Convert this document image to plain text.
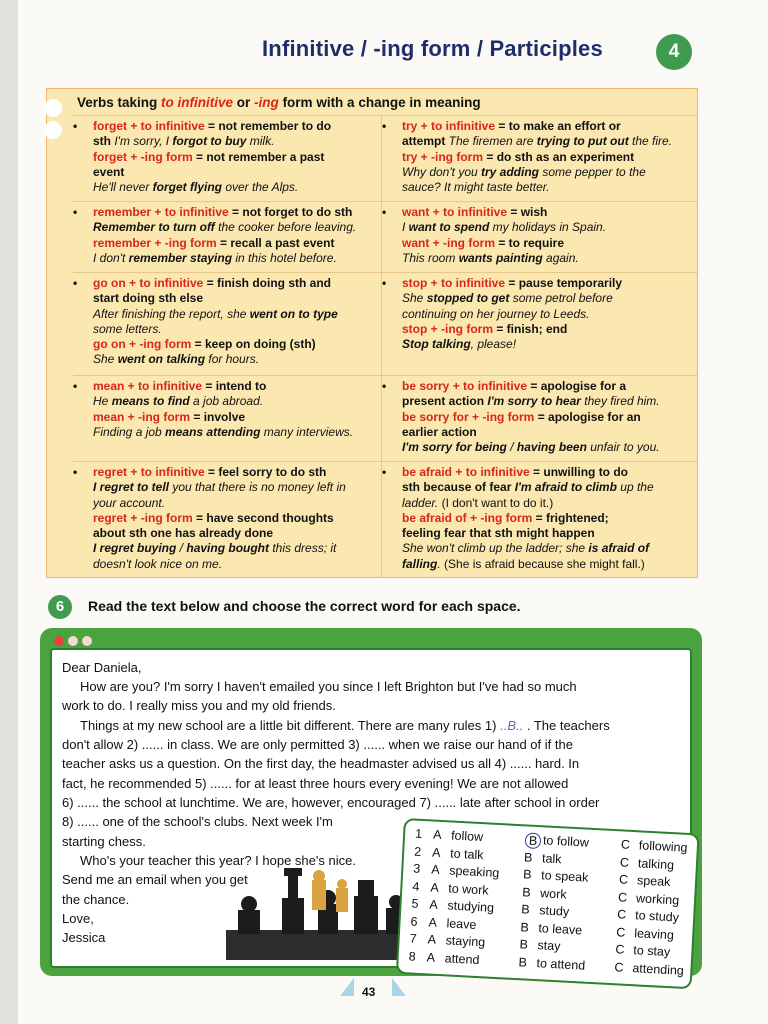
Infinitive / -ing form / Participles	4
Verbs taking to infinitive or -ing form with a change in meaning
• forget + to infinitive = not remember to do
sth I'm sorry, I forgot to buy milk.
forget + -ing form = not remember a past
event
He'll never forget flying over the Alps.
• try + to infinitive = to make an effort or
attempt The firemen are trying to put out the fire.
try + -ing form = do sth as an experiment
Why don't you try adding some pepper to the
sauce? It might taste better.
• remember + to infinitive = not forget to do sth
Remember to turn off the cooker before leaving.
remember + -ing form = recall a past event
I don't remember staying in this hotel before.
• want + to infinitive = wish
I want to spend my holidays in Spain.
want + -ing form = to require
This room wants painting again.
• go on + to infinitive = finish doing sth and
start doing sth else
After finishing the report, she went on to type
some letters.
go on + -ing form = keep on doing (sth)
She went on talking for hours.
• stop + to infinitive = pause temporarily
She stopped to get some petrol before
continuing on her journey to Leeds.
stop + -ing form = finish; end
Stop talking, please!
• mean + to infinitive = intend to
He means to find a job abroad.
mean + -ing form = involve
Finding a job means attending many interviews.
• be sorry + to infinitive = apologise for a
present action I'm sorry to hear they fired him.
be sorry for + -ing form = apologise for an
earlier action
I'm sorry for being / having been unfair to you.
• regret + to infinitive = feel sorry to do sth
I regret to tell you that there is no money left in
your account.
regret + -ing form = have second thoughts
about sth one has already done
I regret buying / having bought this dress; it
doesn't look nice on me.
• be afraid + to infinitive = unwilling to do
sth because of fear I'm afraid to climb up the
ladder. (I don't want to do it.)
be afraid of + -ing form = frightened;
feeling fear that sth might happen
She won't climb up the ladder; she is afraid of
falling. (She is afraid because she might fall.)
6	Read the text below and choose the correct word for each space.
Dear Daniela,
How are you? I'm sorry I haven't emailed you since I left Brighton but I've had so much
work to do. I really miss you and my old friends.
Things at my new school are a little bit different. There are many rules 1) ..B.. . The teachers
don't allow 2) ...... in class. We are only permitted 3) ...... when we raise our hand of if the
teacher asks us a question. On the first day, the headmaster advised us all 4) ...... hard. In
fact, he recommended 5) ...... for at least three hours every evening! We are not allowed
6) ...... the school at lunchtime. We are, however, encouraged 7) ...... late after school in order
8) ...... one of the school's clubs. Next week I'm
starting chess.
Who's your teacher this year? I hope she's nice.
Send me an email when you get
the chance.
Love,
Jessica
1 A follow	B to follow	C following
2 A to talk	B talk	C talking
3 A speaking B to speak C speak
4 A to work	B work	C working
5 A studying B study	C to study
6 A leave	B to leave	C leaving
7 A staying	B stay	C to stay
8 A attend	B to attend C attending
43
